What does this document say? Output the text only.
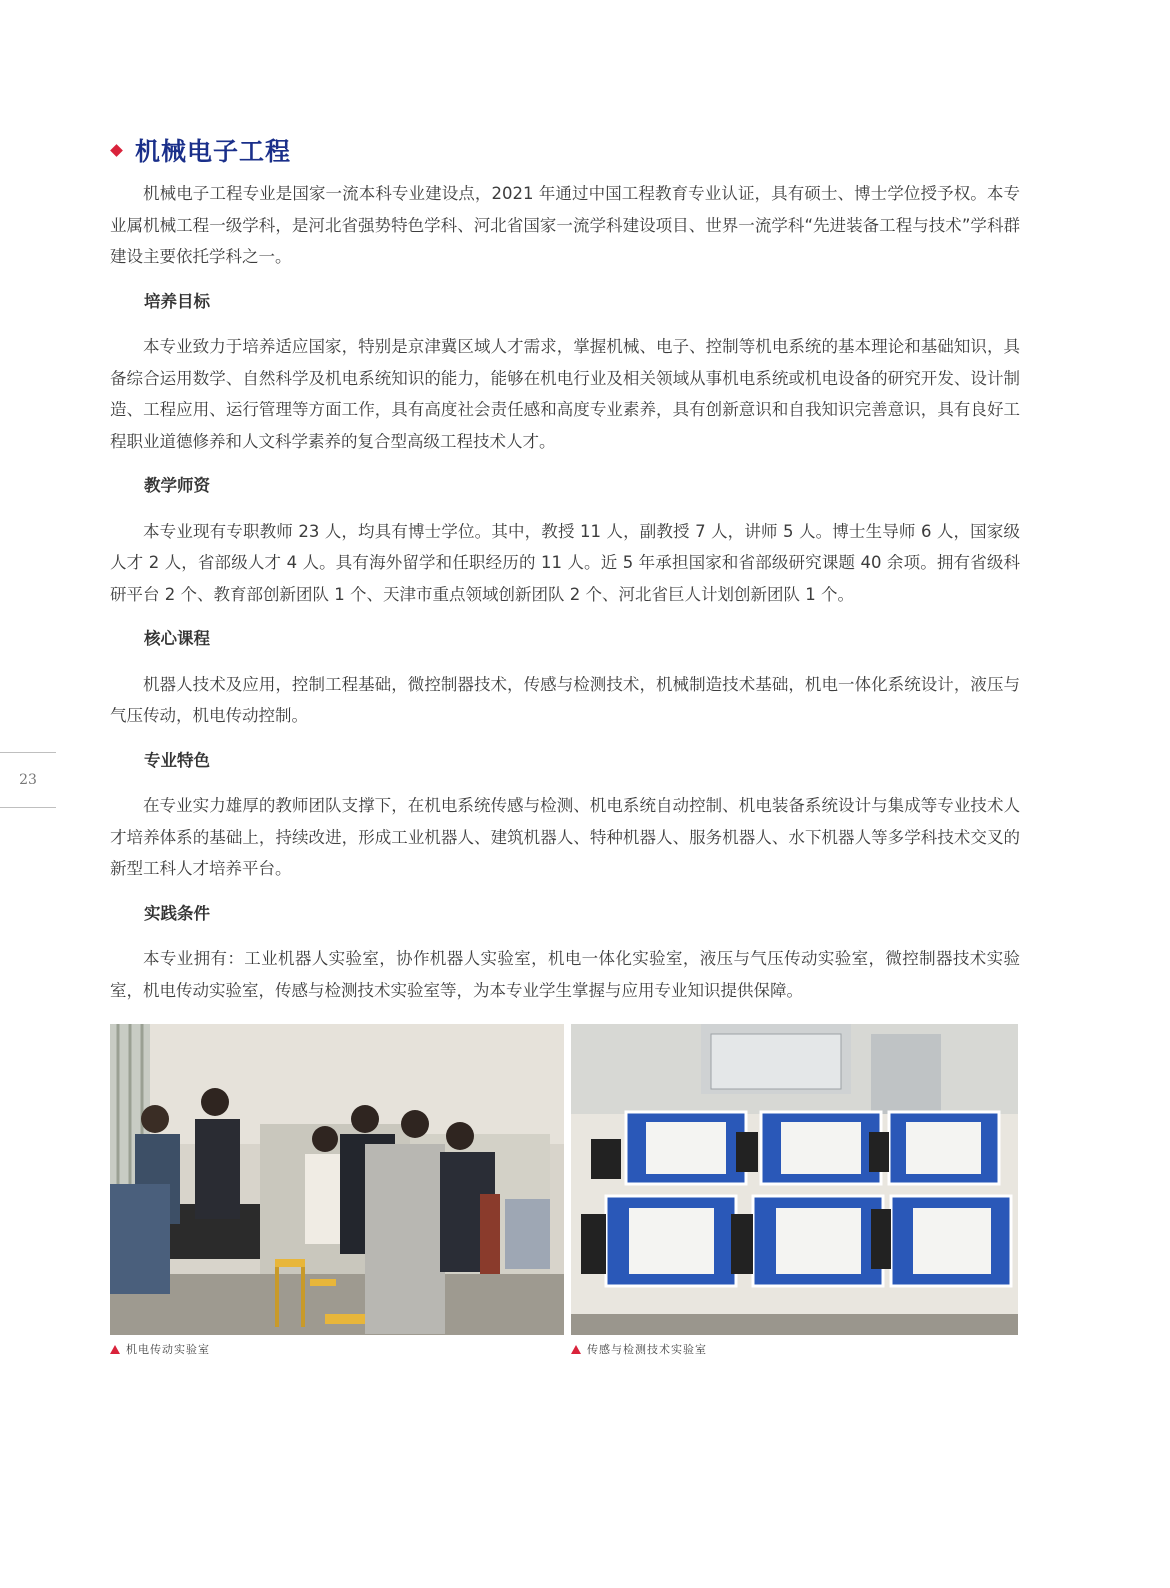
23
机械电子工程

机械电子工程专业是国家一流本科专业建设点，2021 年通过中国工程教育专业认证，具有硕士、博士学位授予权。本专业属机械工程一级学科，是河北省强势特色学科、河北省国家一流学科建设项目、世界一流学科“先进装备工程与技术”学科群建设主要依托学科之一。

培养目标

本专业致力于培养适应国家，特别是京津冀区域人才需求，掌握机械、电子、控制等机电系统的基本理论和基础知识，具备综合运用数学、自然科学及机电系统知识的能力，能够在机电行业及相关领域从事机电系统或机电设备的研究开发、设计制造、工程应用、运行管理等方面工作，具有高度社会责任感和高度专业素养，具有创新意识和自我知识完善意识，具有良好工程职业道德修养和人文科学素养的复合型高级工程技术人才。

教学师资

本专业现有专职教师 23 人，均具有博士学位。其中，教授 11 人，副教授 7 人，讲师 5 人。博士生导师 6 人，国家级人才 2 人，省部级人才 4 人。具有海外留学和任职经历的 11 人。近 5 年承担国家和省部级研究课题 40 余项。拥有省级科研平台 2 个、教育部创新团队 1 个、天津市重点领域创新团队 2 个、河北省巨人计划创新团队 1 个。

核心课程

机器人技术及应用，控制工程基础，微控制器技术，传感与检测技术，机械制造技术基础，机电一体化系统设计，液压与气压传动，机电传动控制。

专业特色

在专业实力雄厚的教师团队支撑下，在机电系统传感与检测、机电系统自动控制、机电装备系统设计与集成等专业技术人才培养体系的基础上，持续改进，形成工业机器人、建筑机器人、特种机器人、服务机器人、水下机器人等多学科技术交叉的新型工科人才培养平台。

实践条件

本专业拥有：工业机器人实验室，协作机器人实验室，机电一体化实验室，液压与气压传动实验室，微控制器技术实验室，机电传动实验室，传感与检测技术实验室等，为本专业学生掌握与应用专业知识提供保障。

机电传动实验室	传感与检测技术实验室
